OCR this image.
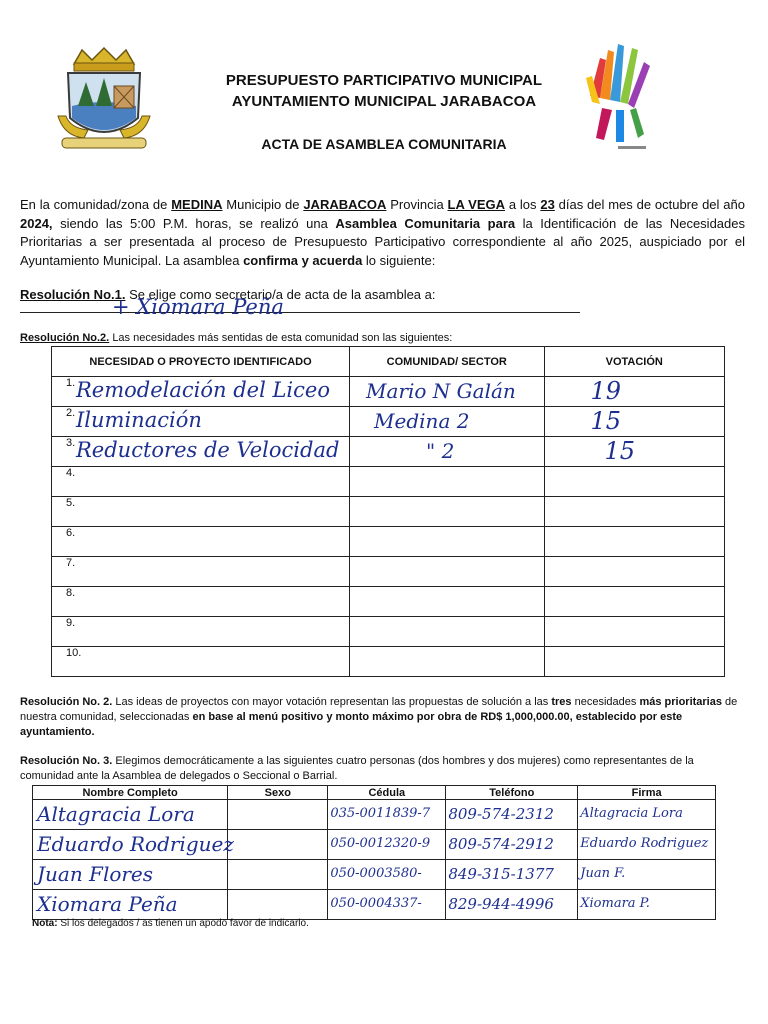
PRESUPUESTO PARTICIPATIVO MUNICIPAL
AYUNTAMIENTO MUNICIPAL JARABACOA
ACTA DE ASAMBLEA COMUNITARIA
En la comunidad/zona de MEDINA Municipio de JARABACOA Provincia LA VEGA a los 23 días del mes de octubre del año 2024, siendo las 5:00 P.M. horas, se realizó una Asamblea Comunitaria para la Identificación de las Necesidades Prioritarias a ser presentada al proceso de Presupuesto Participativo correspondiente al año 2025, auspiciado por el Ayuntamiento Municipal. La asamblea confirma y acuerda lo siguiente:
Resolución No.1. Se elige como secretario/a de acta de la asamblea a:
+ Xiomara Peña
Resolución No.2. Las necesidades más sentidas de esta comunidad son las siguientes:
NECESIDAD O PROYECTO IDENTIFICADO	COMUNIDAD/ SECTOR	VOTACIÓN
1. Remodelación del Liceo	Mario N Galán	19

2. Iluminación	Medina 2	15

3. Reductores de Velocidad	" 2	15

4.		
5.		
6.		
7.		
8.		
9.		
10.		
Resolución No. 2. Las ideas de proyectos con mayor votación representan las propuestas de solución a las tres necesidades más prioritarias de nuestra comunidad, seleccionadas en base al menú positivo y monto máximo por obra de RD$ 1,000,000.00, establecido por este ayuntamiento.
Resolución No. 3. Elegimos democráticamente a las siguientes cuatro personas (dos hombres y dos mujeres) como representantes de la comunidad ante la Asamblea de delegados o Seccional o Barrial.
Nombre Completo	Sexo	Cédula	Teléfono	Firma

Altagracia Lora		035-0011839-7	809-574-2312	Altagracia Lora

Eduardo Rodriguez		050-0012320-9	809-574-2912	Eduardo Rodriguez

Juan Flores		050-0003580-	849-315-1377	Juan F.

Xiomara Peña		050-0004337-	829-944-4996	Xiomara P.
Nota: Si los delegados / as tienen un apodo favor de indicarlo.
